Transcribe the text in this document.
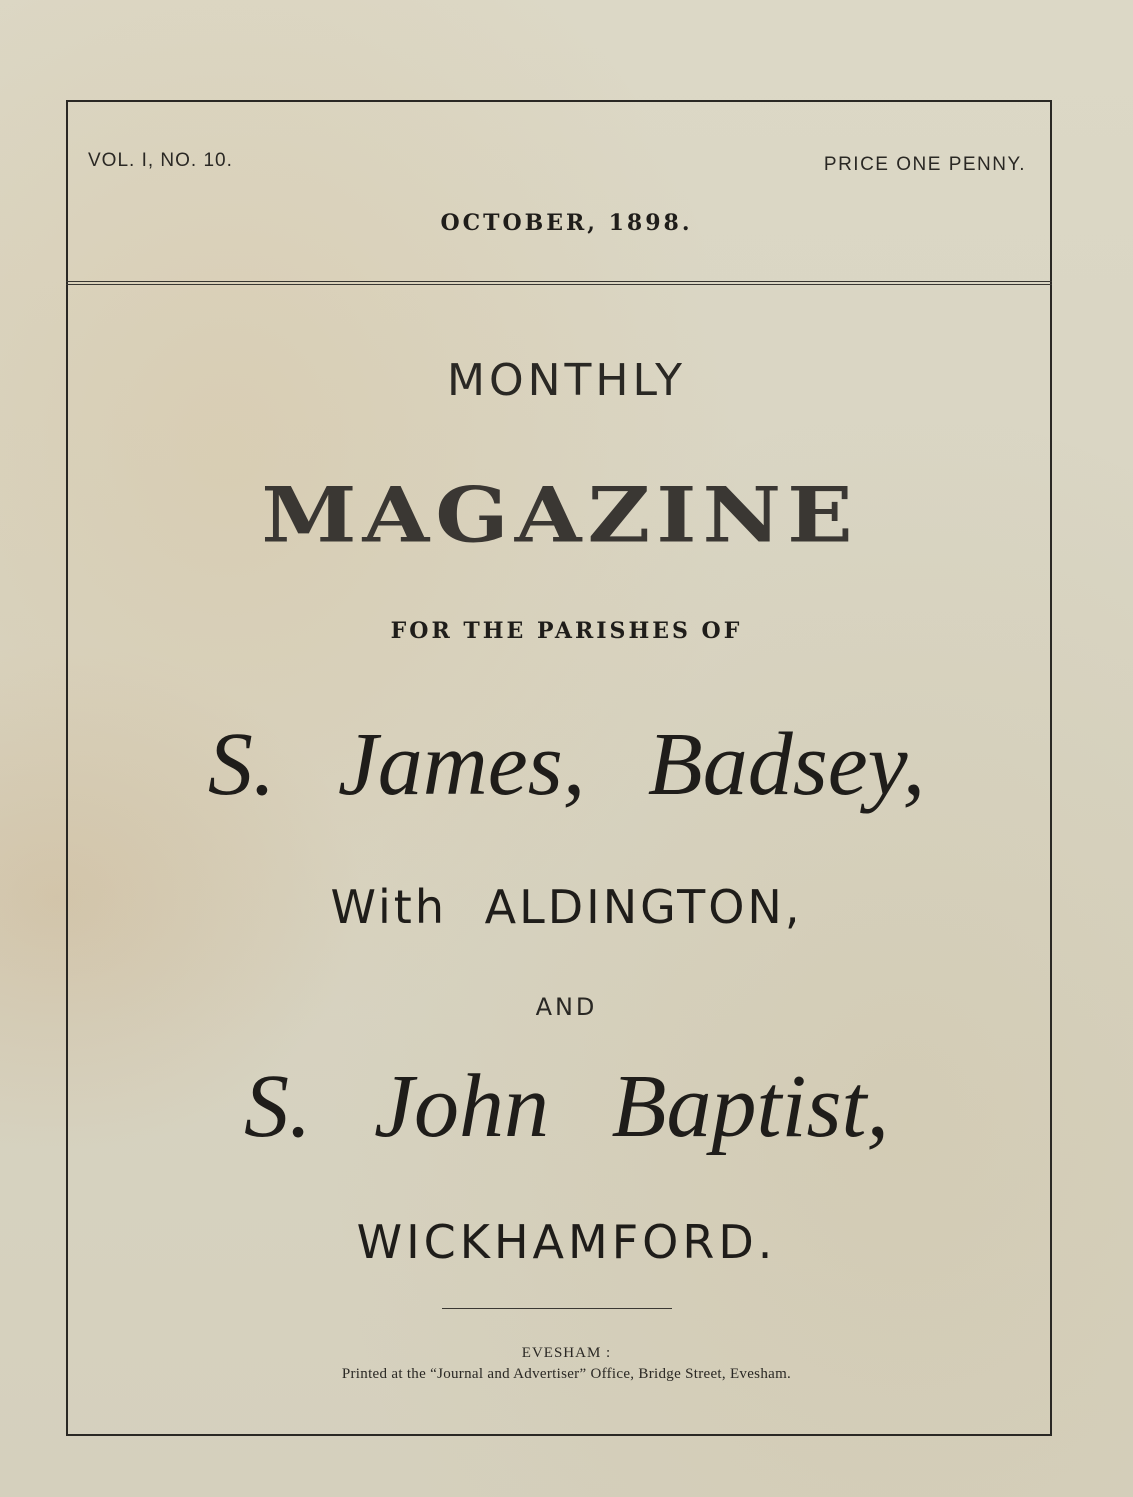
VOL. I, NO. 10.	PRICE ONE PENNY.
OCTOBER, 1898.
MONTHLY
MAGAZINE
FOR THE PARISHES OF
S. James, Badsey,
With ALDINGTON,
AND
S. John Baptist,
WICKHAMFORD.
EVESHAM :
Printed at the “Journal and Advertiser” Office, Bridge Street, Evesham.
